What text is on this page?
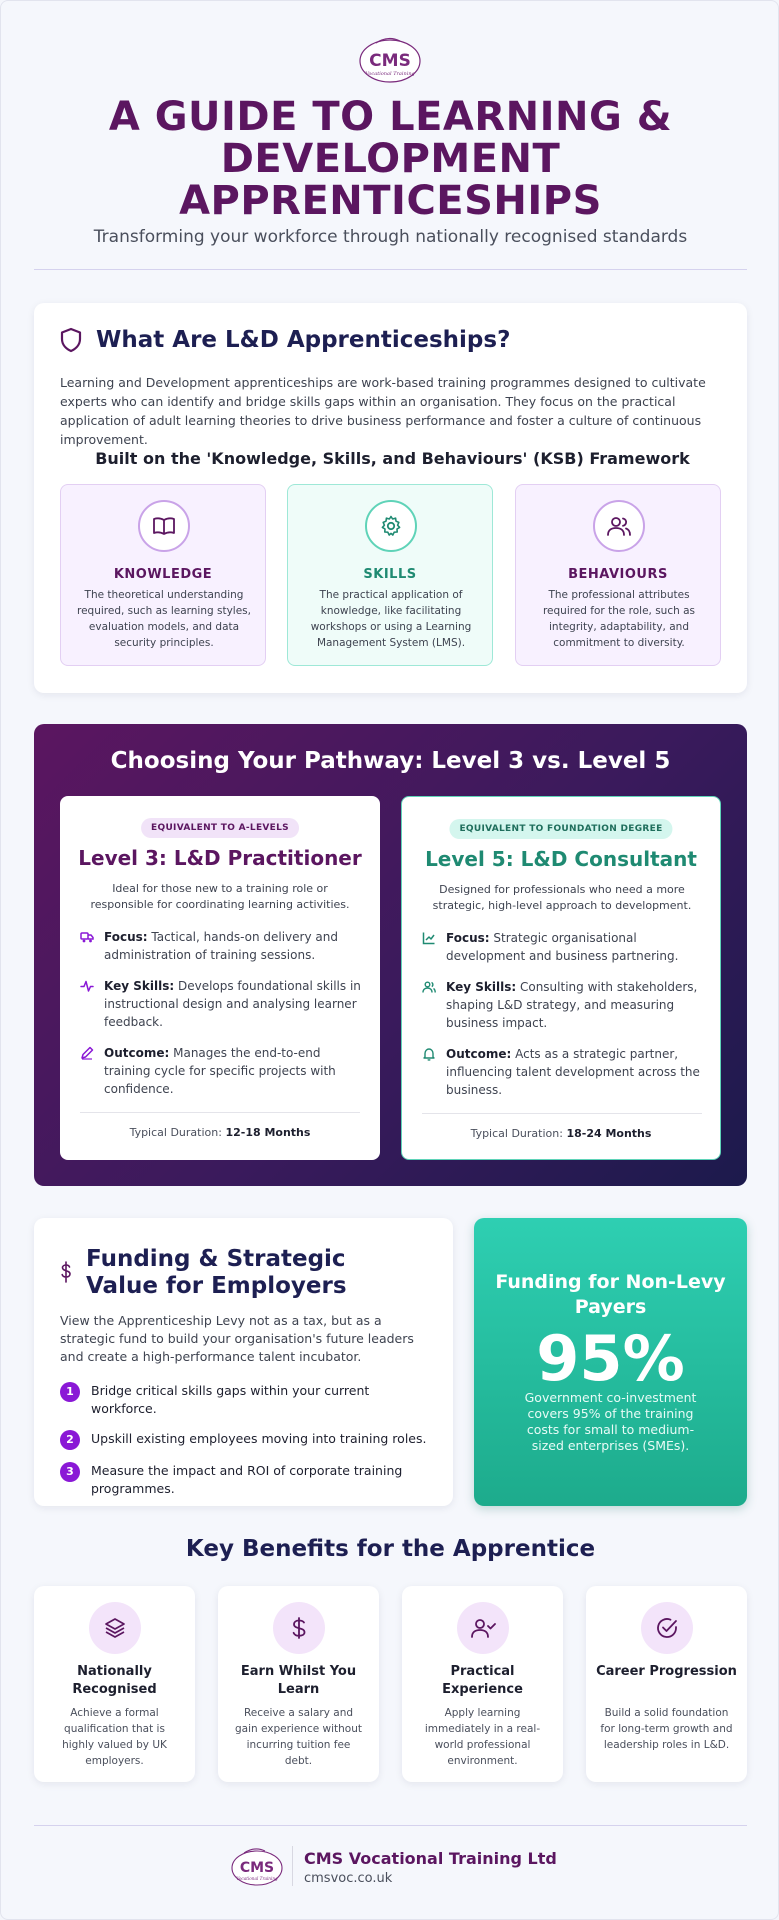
CMS
Vocational Training
A GUIDE TO LEARNING & DEVELOPMENT APPRENTICESHIPS
Transforming your workforce through nationally recognised standards
What Are L&D Apprenticeships?
Learning and Development apprenticeships are work-based training programmes designed to cultivate experts who can identify and bridge skills gaps within an organisation. They focus on the practical application of adult learning theories to drive business performance and foster a culture of continuous improvement.
Built on the 'Knowledge, Skills, and Behaviours' (KSB) Framework
KNOWLEDGE
The theoretical understanding required, such as learning styles, evaluation models, and data security principles.
SKILLS
The practical application of knowledge, like facilitating workshops or using a Learning Management System (LMS).
BEHAVIOURS
The professional attributes required for the role, such as integrity, adaptability, and commitment to diversity.
Choosing Your Pathway: Level 3 vs. Level 5
EQUIVALENT TO A-LEVELS
Level 3: L&D Practitioner
Ideal for those new to a training role or responsible for coordinating learning activities.
Focus: Tactical, hands-on delivery and administration of training sessions.
Key Skills: Develops foundational skills in instructional design and analysing learner feedback.
Outcome: Manages the end-to-end training cycle for specific projects with confidence.
Typical Duration: 12-18 Months
EQUIVALENT TO FOUNDATION DEGREE
Level 5: L&D Consultant
Designed for professionals who need a more strategic, high-level approach to development.
Focus: Strategic organisational development and business partnering.
Key Skills: Consulting with stakeholders, shaping L&D strategy, and measuring business impact.
Outcome: Acts as a strategic partner, influencing talent development across the business.
Typical Duration: 18-24 Months
Funding & Strategic Value for Employers
View the Apprenticeship Levy not as a tax, but as a strategic fund to build your organisation's future leaders and create a high-performance talent incubator.
1	Bridge critical skills gaps within your current workforce.
2	Upskill existing employees moving into training roles.
3	Measure the impact and ROI of corporate training programmes.
Funding for Non-Levy Payers
95%
Government co-investment covers 95% of the training costs for small to medium-sized enterprises (SMEs).
Key Benefits for the Apprentice
Nationally Recognised
Achieve a formal qualification that is highly valued by UK employers.
Earn Whilst You Learn
Receive a salary and gain experience without incurring tuition fee debt.
Practical Experience
Apply learning immediately in a real-world professional environment.
Career Progression
Build a solid foundation for long-term growth and leadership roles in L&D.
CMS
Vocational Training
CMS Vocational Training Ltd
cmsvoc.co.uk
